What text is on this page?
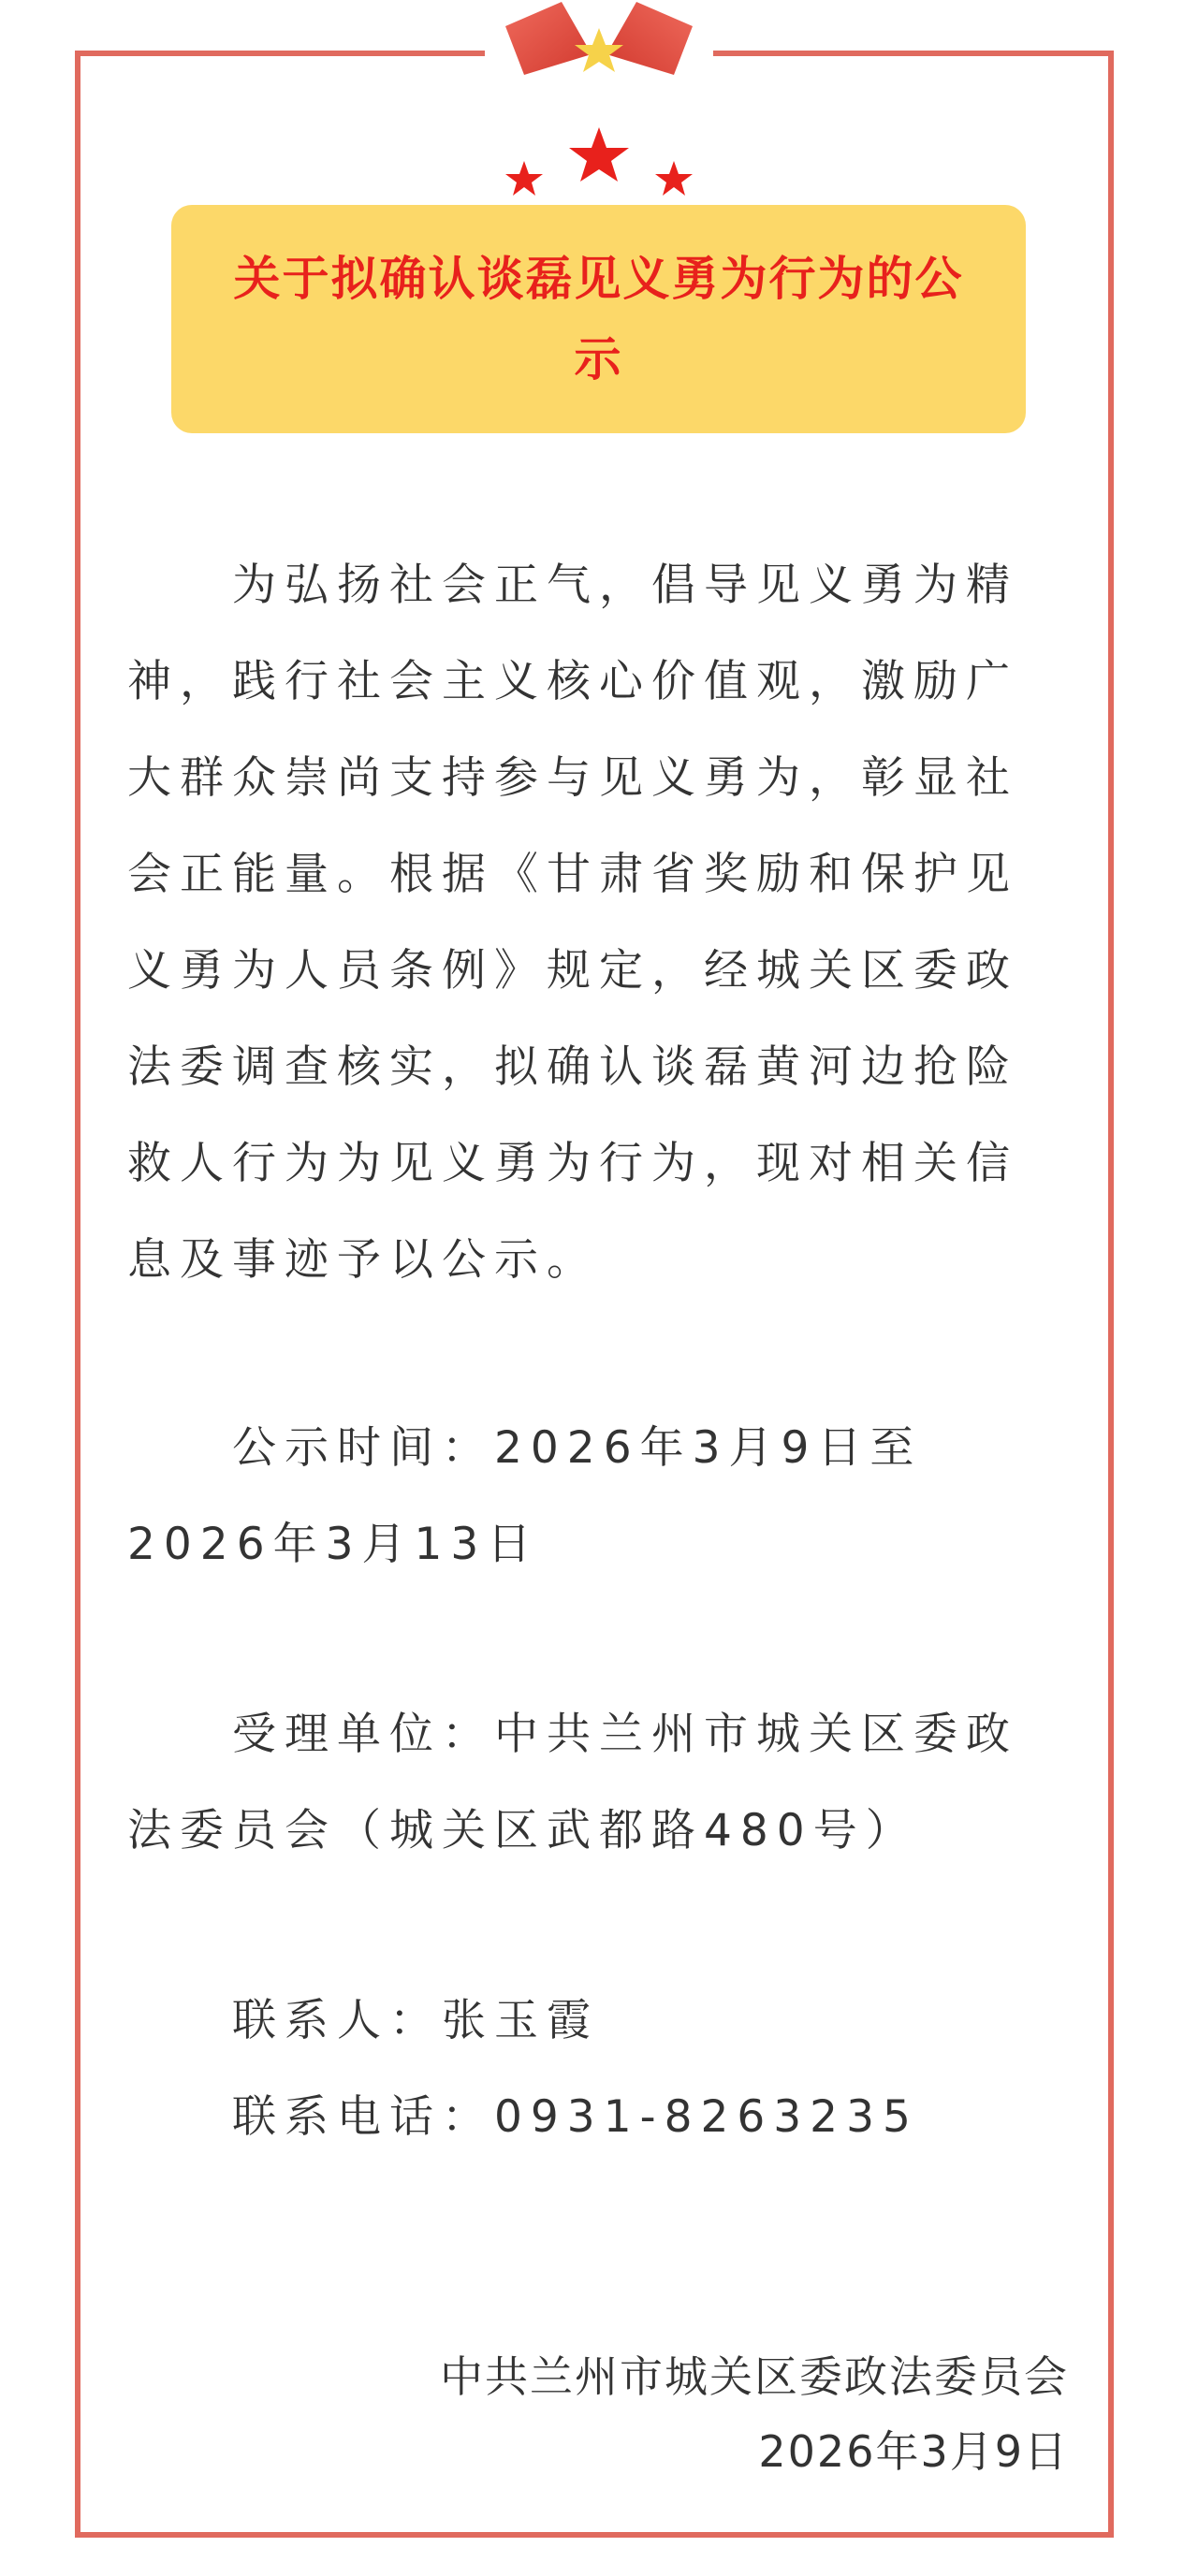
关于拟确认谈磊见义勇为行为的公示

为弘扬社会正气，倡导见义勇为精神，践行社会主义核心价值观，激励广大群众崇尚支持参与见义勇为，彰显社会正能量。根据《甘肃省奖励和保护见义勇为人员条例》规定，经城关区委政法委调查核实，拟确认谈磊黄河边抢险救人行为为见义勇为行为，现对相关信息及事迹予以公示。

公示时间：2026年3月9日至2026年3月13日

受理单位：中共兰州市城关区委政法委员会（城关区武都路480号）

联系人：张玉霞

联系电话：0931-8263235

中共兰州市城关区委政法委员会
2026年3月9日
